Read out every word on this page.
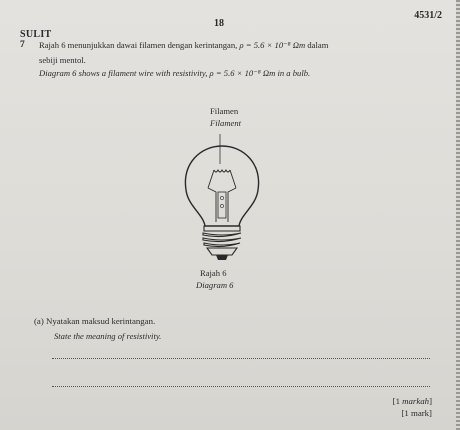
4531/2
18
SULIT
7 Rajah 6 menunjukkan dawai filamen dengan kerintangan, ρ = 5.6 × 10⁻⁸ Ωm dalam
sebiji mentol.
Diagram 6 shows a filament wire with resistivity, ρ = 5.6 × 10⁻⁸ Ωm in a bulb.
Filamen
Filament
Rajah 6
Diagram 6
(a) Nyatakan maksud kerintangan.
State the meaning of resistivity.
[1 markah]
[1 mark]
